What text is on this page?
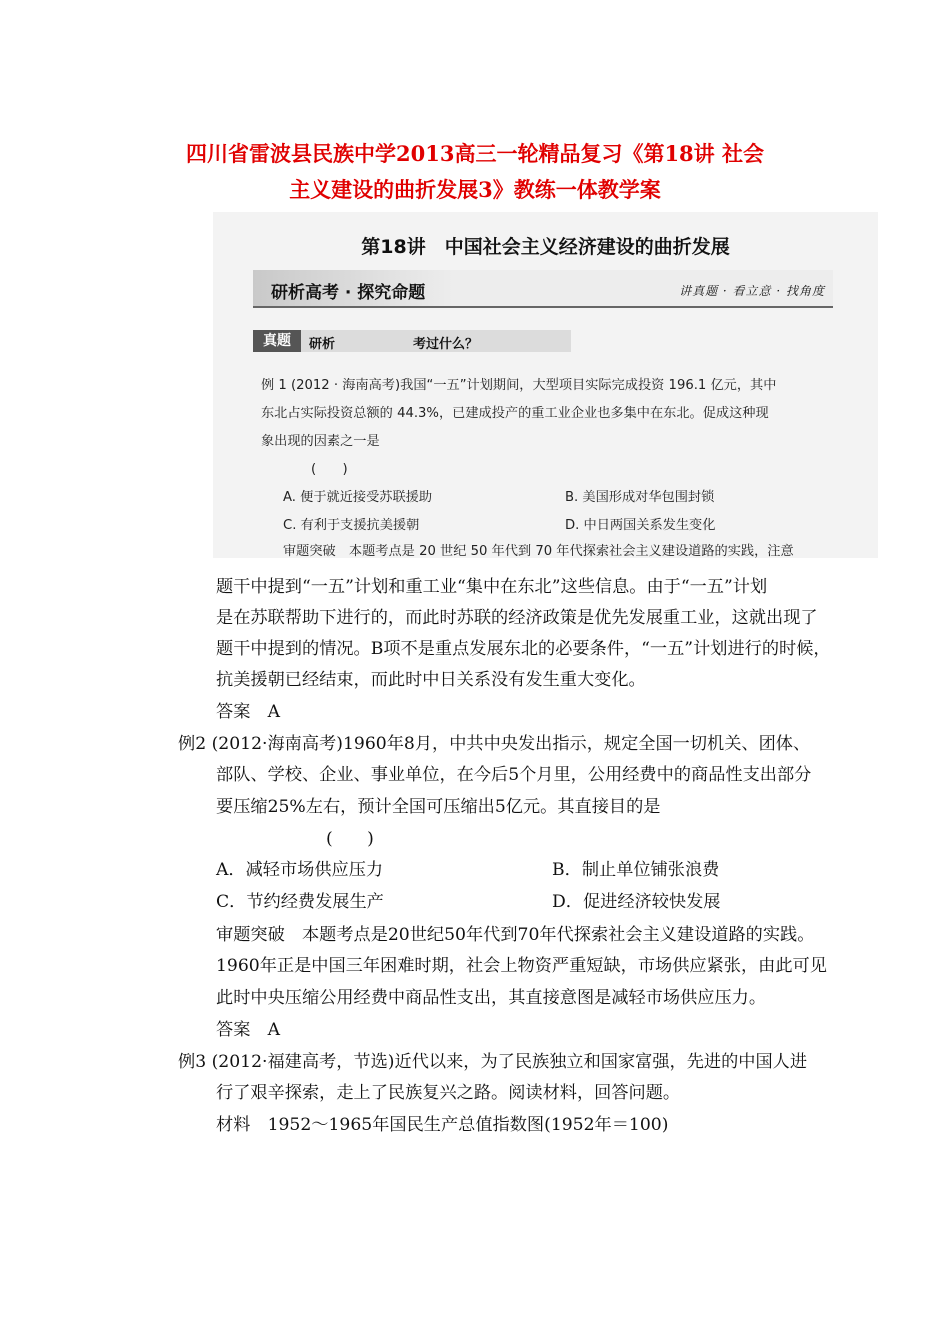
四川省雷波县民族中学2013高三一轮精品复习《第18讲 社会
主义建设的曲折发展3》教练一体教学案
第18讲　中国社会主义经济建设的曲折发展
研析高考 · 探究命题	讲真题 · 看立意 · 找角度
真题	研析	考过什么？
例 1 (2012 · 海南高考)我国“一五”计划期间，大型项目实际完成投资 196.1 亿元，其中
东北占实际投资总额的 44.3%，已建成投产的重工业企业也多集中在东北。促成这种现
象出现的因素之一是
(　　)
A. 便于就近接受苏联援助	B. 美国形成对华包围封锁
C. 有利于支援抗美援朝	D. 中日两国关系发生变化
审题突破　本题考点是 20 世纪 50 年代到 70 年代探索社会主义建设道路的实践，注意
题干中提到“一五”计划和重工业“集中在东北”这些信息。由于“一五”计划
是在苏联帮助下进行的，而此时苏联的经济政策是优先发展重工业，这就出现了
题干中提到的情况。B项不是重点发展东北的必要条件，“一五”计划进行的时候，
抗美援朝已经结束，而此时中日关系没有发生重大变化。
答案　A
例2 (2012·海南高考)1960年8月，中共中央发出指示，规定全国一切机关、团体、
部队、学校、企业、事业单位，在今后5个月里，公用经费中的商品性支出部分
要压缩25%左右，预计全国可压缩出5亿元。其直接目的是
(　　)
A．减轻市场供应压力	B．制止单位铺张浪费
C．节约经费发展生产	D．促进经济较快发展
审题突破　本题考点是20世纪50年代到70年代探索社会主义建设道路的实践。
1960年正是中国三年困难时期，社会上物资严重短缺，市场供应紧张，由此可见
此时中央压缩公用经费中商品性支出，其直接意图是减轻市场供应压力。
答案　A
例3 (2012·福建高考，节选)近代以来，为了民族独立和国家富强，先进的中国人进
行了艰辛探索，走上了民族复兴之路。阅读材料，回答问题。
材料　1952～1965年国民生产总值指数图(1952年＝100)
